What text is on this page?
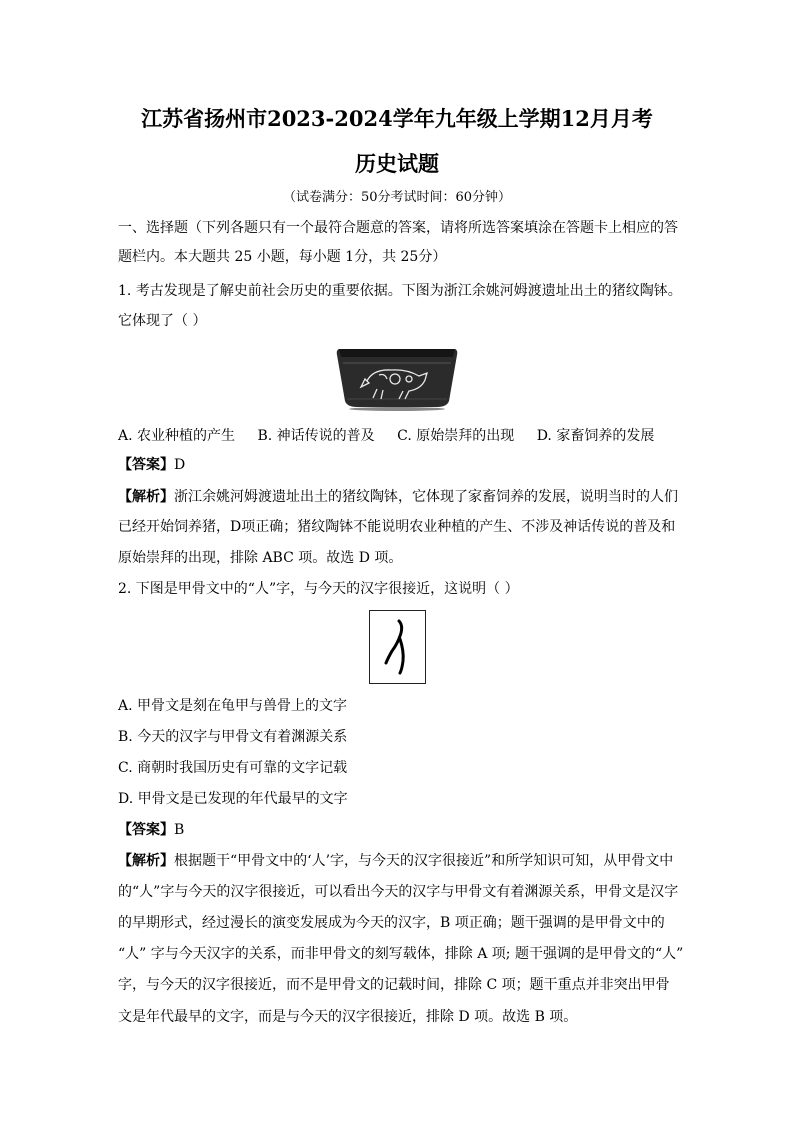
江苏省扬州市2023-2024学年九年级上学期12月月考
历史试题
（试卷满分：50分考试时间：60分钟）
一、选择题（下列各题只有一个最符合题意的答案，请将所选答案填涂在答题卡上相应的答
题栏内。本大题共 25 小题，每小题 1分，共 25分）
1. 考古发现是了解史前社会历史的重要依据。下图为浙江余姚河姆渡遗址出土的猪纹陶钵。
它体现了（ ）
A. 农业种植的产生 B. 神话传说的普及 C. 原始崇拜的出现 D. 家畜饲养的发展
【答案】D
【解析】浙江余姚河姆渡遗址出土的猪纹陶钵，它体现了家畜饲养的发展，说明当时的人们
已经开始饲养猪，D项正确；猪纹陶钵不能说明农业种植的产生、不涉及神话传说的普及和
原始崇拜的出现，排除 ABC 项。故选 D 项。
2. 下图是甲骨文中的“人”字，与今天的汉字很接近，这说明（ ）
A. 甲骨文是刻在龟甲与兽骨上的文字
B. 今天的汉字与甲骨文有着渊源关系
C. 商朝时我国历史有可靠的文字记载
D. 甲骨文是已发现的年代最早的文字
【答案】B
【解析】根据题干“甲骨文中的‘人’字，与今天的汉字很接近”和所学知识可知，从甲骨文中
的“人”字与今天的汉字很接近，可以看出今天的汉字与甲骨文有着渊源关系，甲骨文是汉字
的早期形式，经过漫长的演变发展成为今天的汉字，B 项正确；题干强调的是甲骨文中的
“人” 字与今天汉字的关系，而非甲骨文的刻写载体，排除 A 项; 题干强调的是甲骨文的“人”
字，与今天的汉字很接近，而不是甲骨文的记载时间，排除 C 项；题干重点并非突出甲骨
文是年代最早的文字，而是与今天的汉字很接近，排除 D 项。故选 B 项。
